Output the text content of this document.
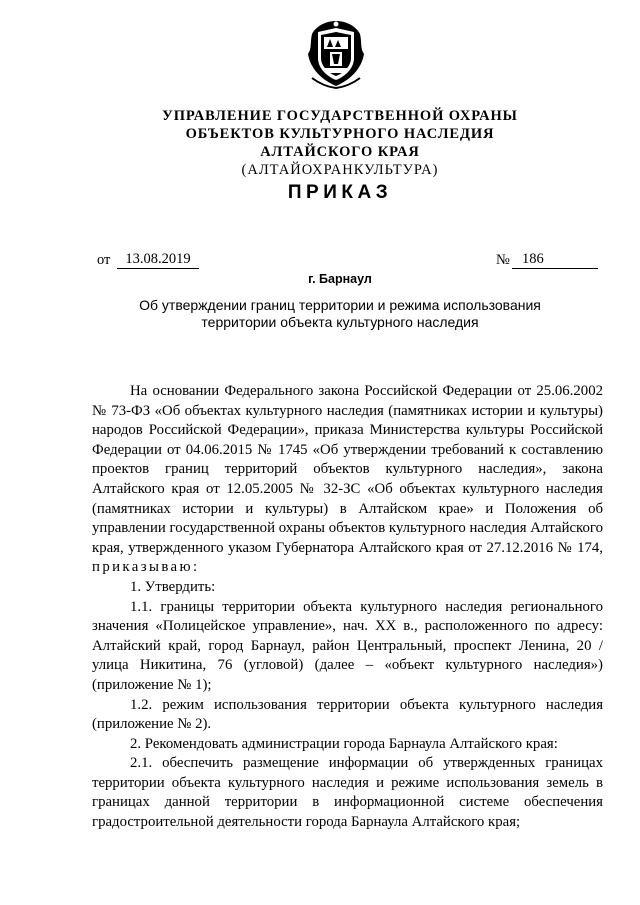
УПРАВЛЕНИЕ ГОСУДАРСТВЕННОЙ ОХРАНЫ
ОБЪЕКТОВ КУЛЬТУРНОГО НАСЛЕДИЯ
АЛТАЙСКОГО КРАЯ
(АЛТАЙОХРАНКУЛЬТУРА)
ПРИКАЗ
от	13.08.2019	№ 186
г. Барнаул
Об утверждении границ территории и режима использования
территории объекта культурного наследия

На основании Федерального закона Российской Федерации от 25.06.2002 № 73-ФЗ «Об объектах культурного наследия (памятниках истории и культуры) народов Российской Федерации», приказа Министерства культуры Российской Федерации от 04.06.2015 № 1745 «Об утверждении требований к составлению проектов границ территорий объектов культурного наследия», закона Алтайского края от 12.05.2005 № 32-ЗС «Об объектах культурного наследия (памятниках истории и культуры) в Алтайском крае» и Положения об управлении государственной охраны объектов культурного наследия Алтайского края, утвержденного указом Губернатора Алтайского края от 27.12.2016 № 174, приказываю:

1. Утвердить:

1.1. границы территории объекта культурного наследия регионального значения «Полицейское управление», нач. XX в., расположенного по адресу: Алтайский край, город Барнаул, район Центральный, проспект Ленина, 20 / улица Никитина, 76 (угловой) (далее – «объект культурного наследия») (приложение № 1);

1.2. режим использования территории объекта культурного наследия (приложение № 2).

2. Рекомендовать администрации города Барнаула Алтайского края:

2.1. обеспечить размещение информации об утвержденных границах территории объекта культурного наследия и режиме использования земель в границах данной территории в информационной системе обеспечения градостроительной деятельности города Барнаула Алтайского края;
